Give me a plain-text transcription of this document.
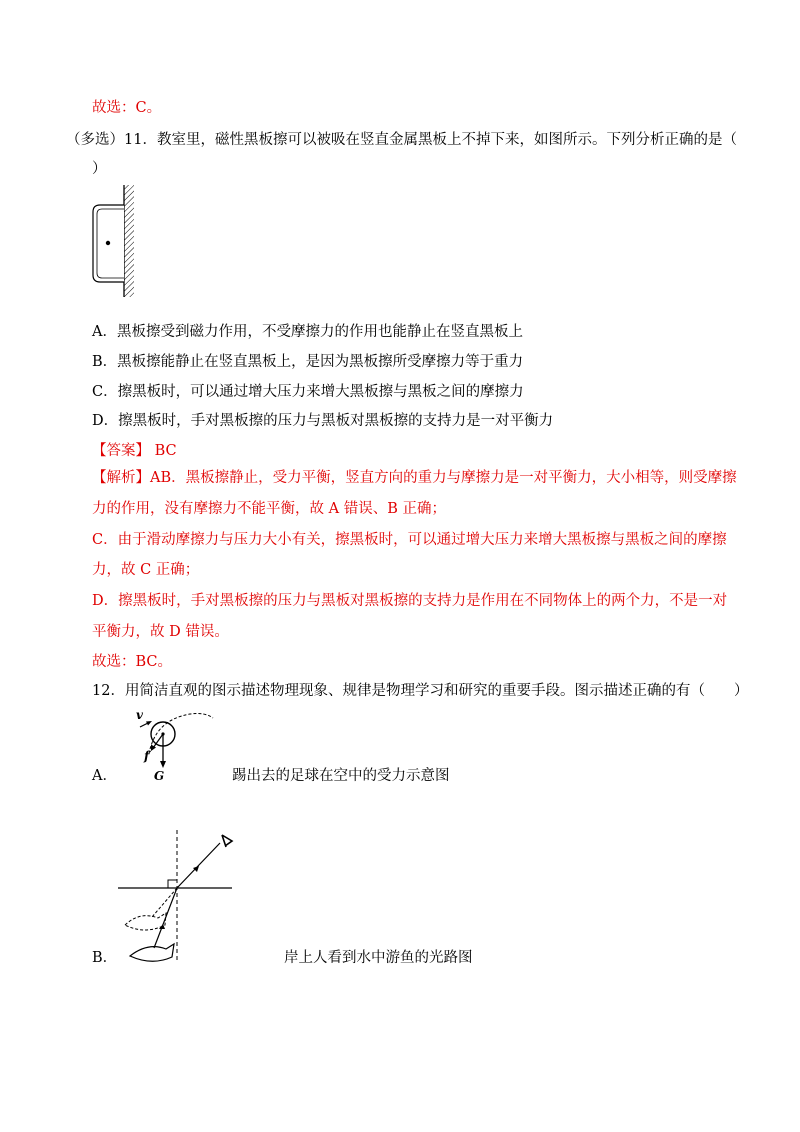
故选：C。
（多选）11．教室里，磁性黑板擦可以被吸在竖直金属黑板上不掉下来，如图所示。下列分析正确的是（
）
A．黑板擦受到磁力作用，不受摩擦力的作用也能静止在竖直黑板上
B．黑板擦能静止在竖直黑板上，是因为黑板擦所受摩擦力等于重力
C．擦黑板时，可以通过增大压力来增大黑板擦与黑板之间的摩擦力
D．擦黑板时，手对黑板擦的压力与黑板对黑板擦的支持力是一对平衡力
【答案】 BC
【解析】AB．黑板擦静止，受力平衡，竖直方向的重力与摩擦力是一对平衡力，大小相等，则受摩擦
力的作用，没有摩擦力不能平衡，故 A 错误、B 正确；
C．由于滑动摩擦力与压力大小有关，擦黑板时，可以通过增大压力来增大黑板擦与黑板之间的摩擦
力，故 C 正确；
D．擦黑板时，手对黑板擦的压力与黑板对黑板擦的支持力是作用在不同物体上的两个力，不是一对
平衡力，故 D 错误。
故选：BC。
12．用简洁直观的图示描述物理现象、规律是物理学习和研究的重要手段。图示描述正确的有（　　）
v
f
G
A．	踢出去的足球在空中的受力示意图
B．	岸上人看到水中游鱼的光路图
